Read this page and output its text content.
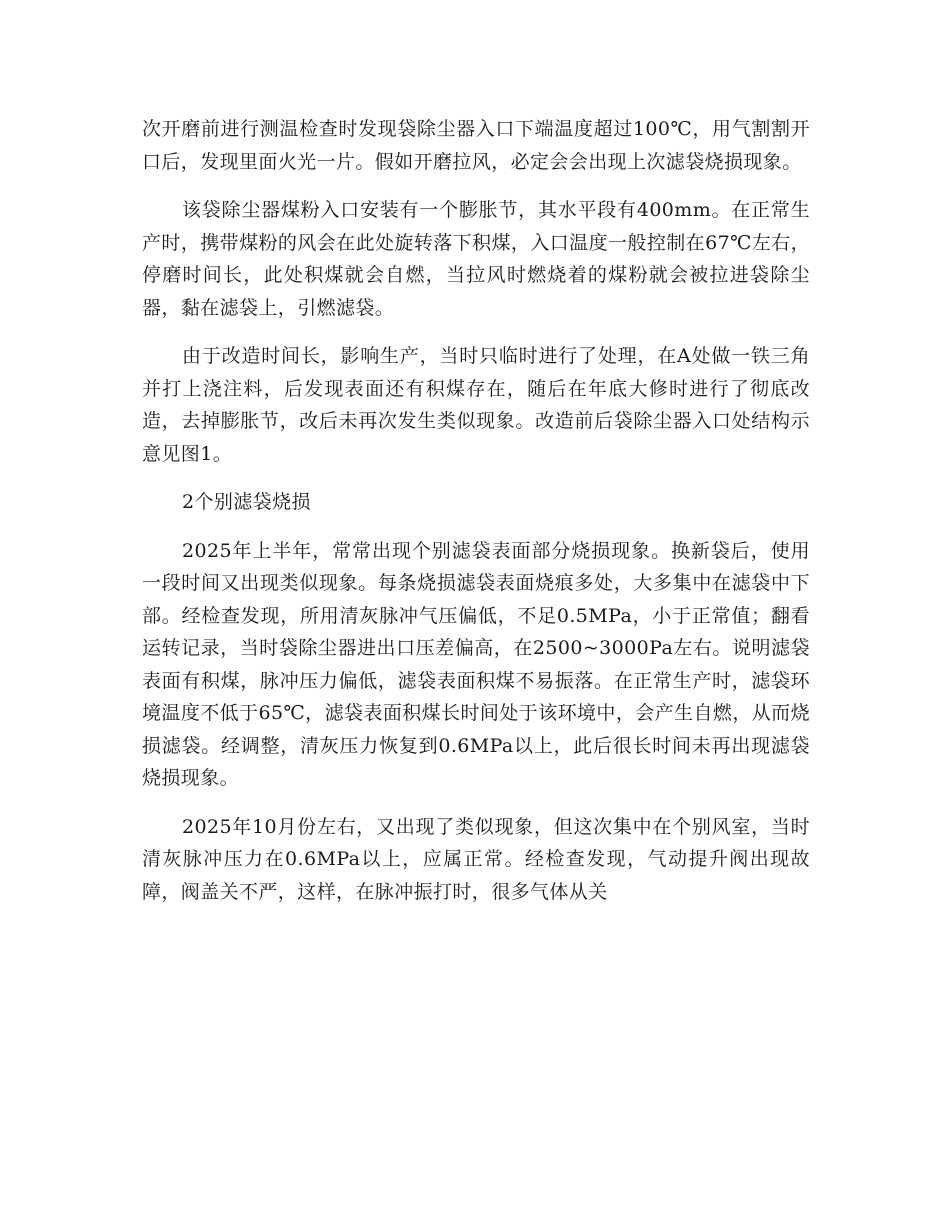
次开磨前进行测温检查时发现袋除尘器入口下端温度超过100℃，用气割割开口后，发现里面火光一片。假如开磨拉风，必定会会出现上次滤袋烧损现象。

该袋除尘器煤粉入口安装有一个膨胀节，其水平段有400mm。在正常生产时，携带煤粉的风会在此处旋转落下积煤，入口温度一般控制在67℃左右，停磨时间长，此处积煤就会自燃，当拉风时燃烧着的煤粉就会被拉进袋除尘器，黏在滤袋上，引燃滤袋。

由于改造时间长，影响生产，当时只临时进行了处理，在A处做一铁三角并打上浇注料，后发现表面还有积煤存在，随后在年底大修时进行了彻底改造，去掉膨胀节，改后未再次发生类似现象。改造前后袋除尘器入口处结构示意见图1。

2个别滤袋烧损

2025年上半年，常常出现个别滤袋表面部分烧损现象。换新袋后，使用一段时间又出现类似现象。每条烧损滤袋表面烧痕多处，大多集中在滤袋中下部。经检查发现，所用清灰脉冲气压偏低，不足0.5MPa，小于正常值；翻看运转记录，当时袋除尘器进出口压差偏高，在2500~3000Pa左右。说明滤袋表面有积煤，脉冲压力偏低，滤袋表面积煤不易振落。在正常生产时，滤袋环境温度不低于65℃，滤袋表面积煤长时间处于该环境中，会产生自燃，从而烧损滤袋。经调整，清灰压力恢复到0.6MPa以上，此后很长时间未再出现滤袋烧损现象。

2025年10月份左右，又出现了类似现象，但这次集中在个别风室，当时清灰脉冲压力在0.6MPa以上，应属正常。经检查发现，气动提升阀出现故障，阀盖关不严，这样，在脉冲振打时，很多气体从关
